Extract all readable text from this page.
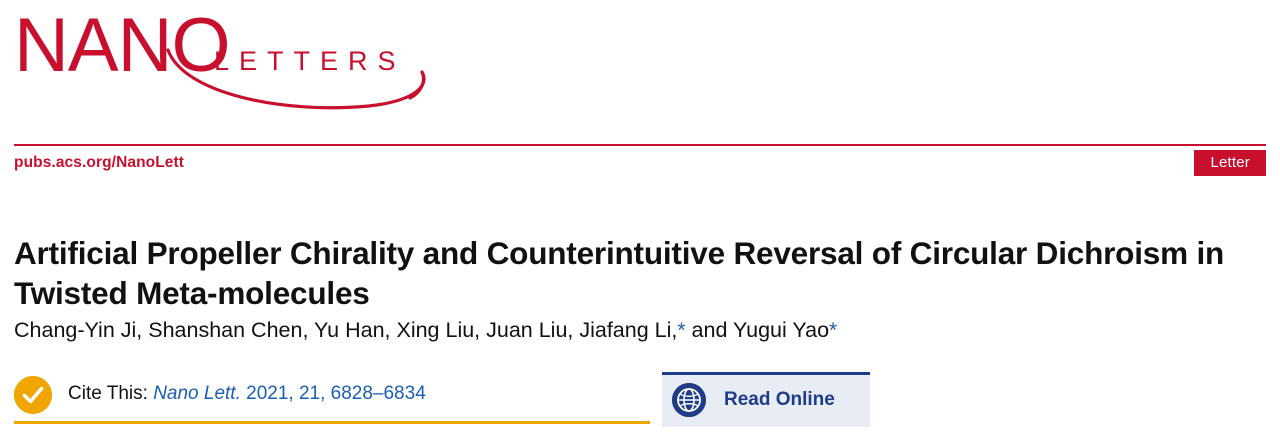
NANO
LETTERS
pubs.acs.org/NanoLett	Letter
Artificial Propeller Chirality and Counterintuitive Reversal of Circular Dichroism in Twisted Meta-molecules
Chang-Yin Ji, Shanshan Chen, Yu Han, Xing Liu, Juan Liu, Jiafang Li,* and Yugui Yao*
Cite This: Nano Lett. 2021, 21, 6828–6834	Read Online
